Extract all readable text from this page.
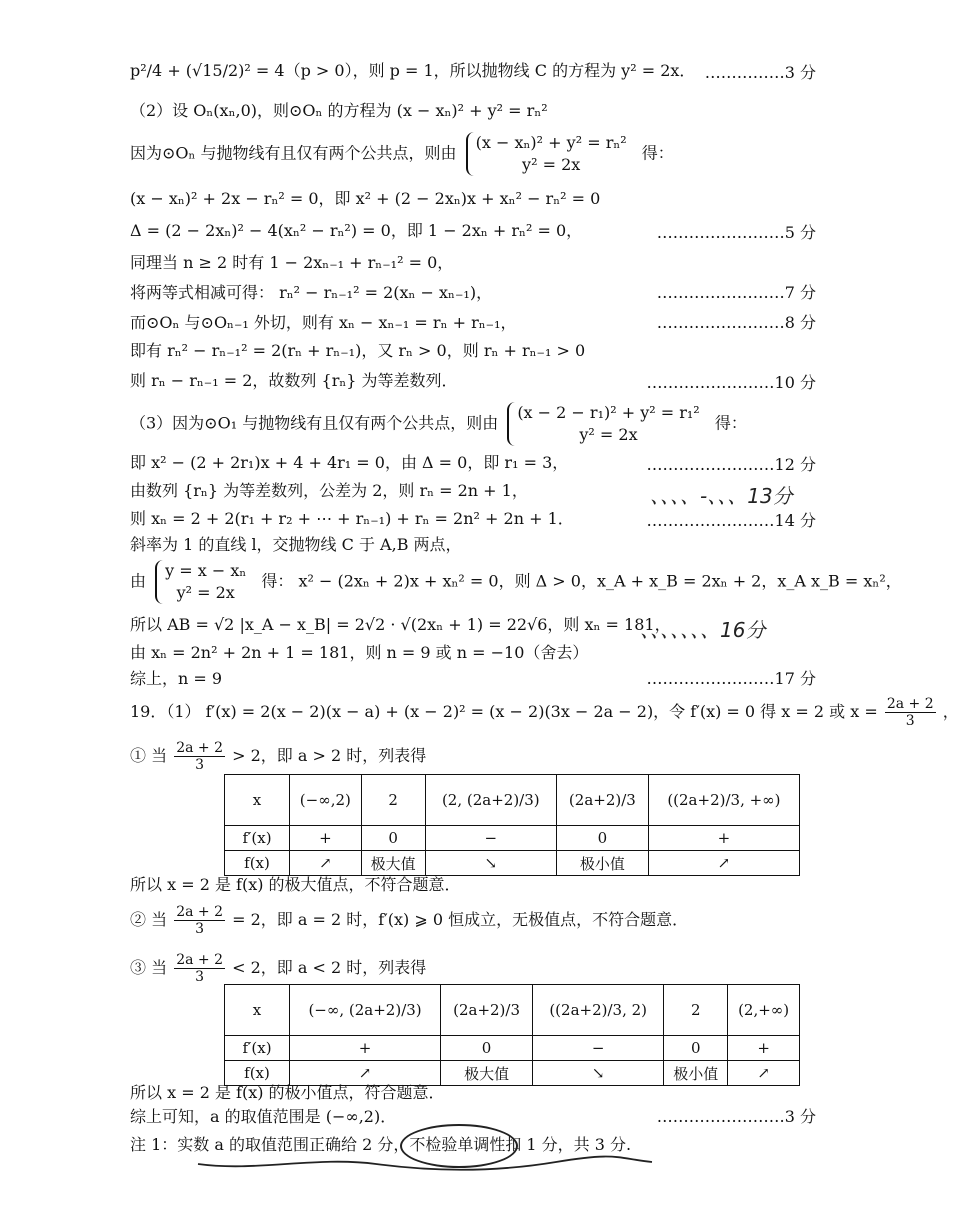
p²/4 + (√15/2)² = 4（p > 0），则 p = 1，所以抛物线 C 的方程为 y² = 2x． ……………3 分
（2）设 Oₙ(xₙ,0)，则⊙Oₙ 的方程为 (x − xₙ)² + y² = rₙ²
因为⊙Oₙ 与抛物线有且仅有两个公共点，则由
(x − xₙ)² + y² = rₙ²
y² = 2x
得：
(x − xₙ)² + 2x − rₙ² = 0，即 x² + (2 − 2xₙ)x + xₙ² − rₙ² = 0
Δ = (2 − 2xₙ)² − 4(xₙ² − rₙ²) = 0，即 1 − 2xₙ + rₙ² = 0，	……………………5 分
同理当 n ≥ 2 时有 1 − 2xₙ₋₁ + rₙ₋₁² = 0，
将两等式相减可得： rₙ² − rₙ₋₁² = 2(xₙ − xₙ₋₁)，	……………………7 分
而⊙Oₙ 与⊙Oₙ₋₁ 外切，则有 xₙ − xₙ₋₁ = rₙ + rₙ₋₁，	……………………8 分
即有 rₙ² − rₙ₋₁² = 2(rₙ + rₙ₋₁)，又 rₙ > 0，则 rₙ + rₙ₋₁ > 0
则 rₙ − rₙ₋₁ = 2，故数列 {rₙ} 为等差数列．	……………………10 分
（3）因为⊙O₁ 与抛物线有且仅有两个公共点，则由
(x − 2 − r₁)² + y² = r₁²
y² = 2x
得：
即 x² − (2 + 2r₁)x + 4 + 4r₁ = 0，由 Δ = 0，即 r₁ = 3，	……………………12 分
由数列 {rₙ} 为等差数列，公差为 2，则 rₙ = 2n + 1，	、、、、-、、、13分
则 xₙ = 2 + 2(r₁ + r₂ + ⋯ + rₙ₋₁) + rₙ = 2n² + 2n + 1．	……………………14 分
斜率为 1 的直线 l，交抛物线 C 于 A,B 两点，
由
y = x − xₙ
y² = 2x
得： x² − (2xₙ + 2)x + xₙ² = 0，则 Δ > 0，x_A + x_B = 2xₙ + 2，x_A x_B = xₙ²，
所以 AB = √2 |x_A − x_B| = 2√2 · √(2xₙ + 1) = 22√6，则 xₙ = 181，
、、、、、、、16分
由 xₙ = 2n² + 2n + 1 = 181，则 n = 9 或 n = −10（舍去）
综上，n = 9	……………………17 分
19．（1） f′(x) = 2(x − 2)(x − a) + (x − 2)² = (x − 2)(3x − 2a − 2)，令 f′(x) = 0 得 x = 2 或 $x = \frac{2a + 2}{3}$ ，
① 当 $\frac{2a + 2}{3} > 2$，即 a > 2 时，列表得
x	(−∞,2)	2	(2, (2a+2)/3)	(2a+2)/3	((2a+2)/3, +∞)
f′(x)	+	0	−	0	+
f(x)	↗	极大值	↘	极小值	↗
所以 x = 2 是 f(x) 的极大值点，不符合题意．
② 当 $\frac{2a + 2}{3} = 2$，即 a = 2 时，f′(x) ⩾ 0 恒成立，无极值点，不符合题意．
③ 当 $\frac{2a + 2}{3} < 2$，即 a < 2 时，列表得
x	(−∞, (2a+2)/3)	(2a+2)/3	((2a+2)/3, 2)	2	(2,+∞)
f′(x)	+	0	−	0	+
f(x)	↗	极大值	↘	极小值	↗
所以 x = 2 是 f(x) 的极小值点，符合题意．
综上可知，a 的取值范围是 (−∞,2)．	……………………3 分
注 1：实数 a 的取值范围正确给 2 分，不检验单调性扣 1 分，共 3 分.
